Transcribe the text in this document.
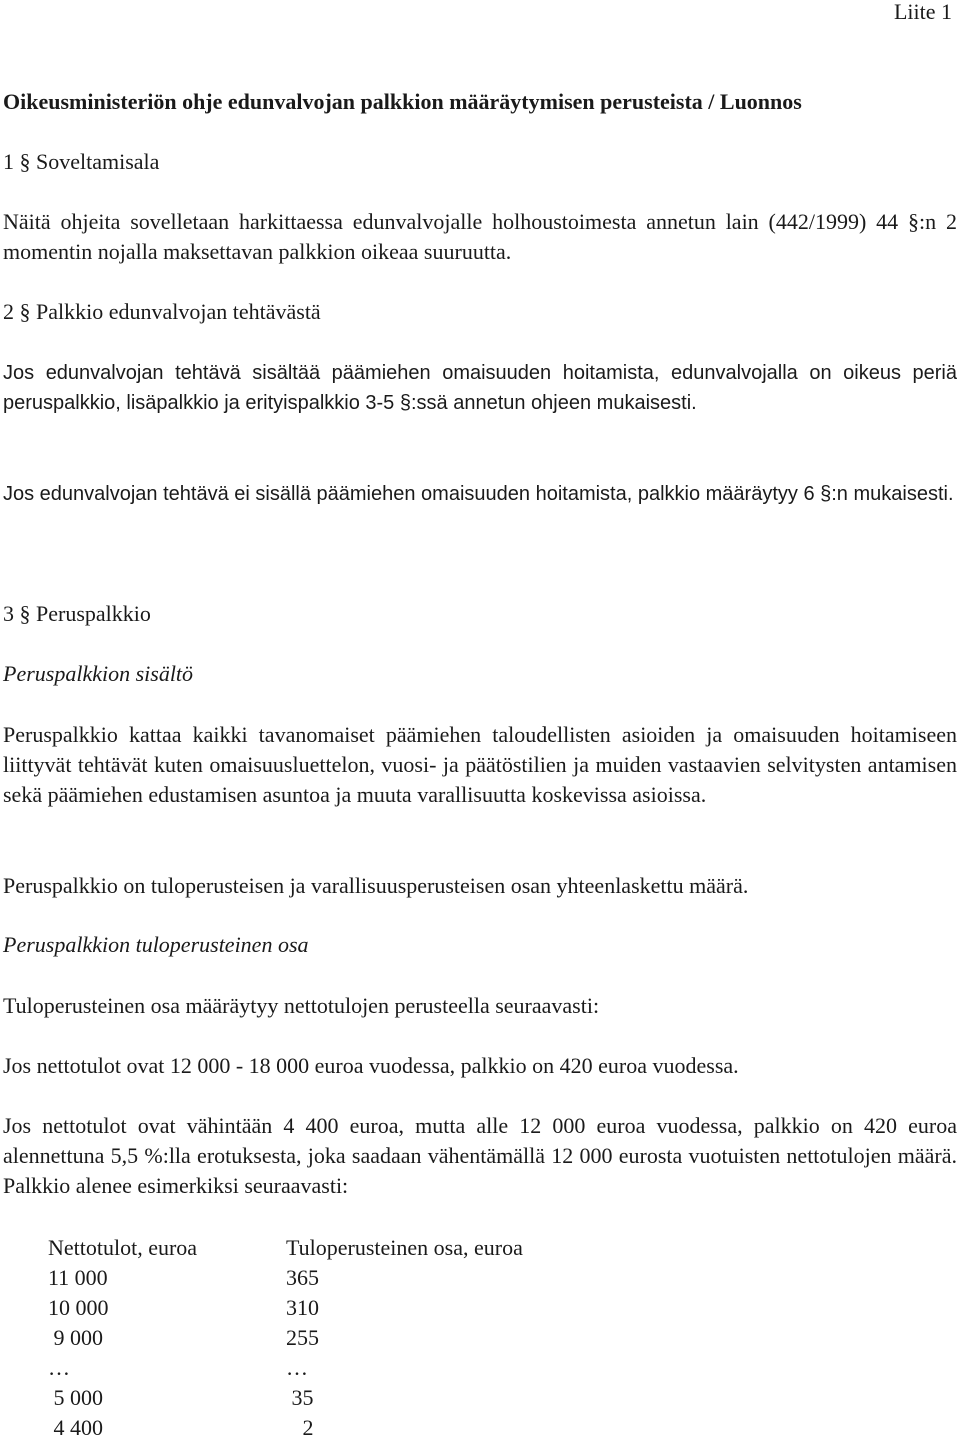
Liite 1
Oikeusministeriön ohje edunvalvojan palkkion määräytymisen perusteista / Luonnos
1 § Soveltamisala

Näitä ohjeita sovelletaan harkittaessa edunvalvojalle holhoustoimesta annetun lain (442/1999) 44 §:n 2 momentin nojalla maksettavan palkkion oikeaa suuruutta.

2 § Palkkio edunvalvojan tehtävästä

Jos edunvalvojan tehtävä sisältää päämiehen omaisuuden hoitamista, edunvalvojalla on oikeus periä peruspalkkio, lisäpalkkio ja erityispalkkio 3-5 §:ssä annetun ohjeen mukaisesti.

Jos edunvalvojan tehtävä ei sisällä päämiehen omaisuuden hoitamista, palkkio määräytyy 6 §:n mukaisesti.

3 § Peruspalkkio
Peruspalkkion sisältö

Peruspalkkio kattaa kaikki tavanomaiset päämiehen taloudellisten asioiden ja omaisuuden hoitamiseen liittyvät tehtävät kuten omaisuusluettelon, vuosi- ja päätöstilien ja muiden vastaavien selvitysten antamisen sekä päämiehen edustamisen asuntoa ja muuta varallisuutta koskevissa asioissa.

Peruspalkkio on tuloperusteisen ja varallisuusperusteisen osan yhteenlaskettu määrä.

Peruspalkkion tuloperusteinen osa

Tuloperusteinen osa määräytyy nettotulojen perusteella seuraavasti:

Jos nettotulot ovat 12 000 - 18 000 euroa vuodessa, palkkio on 420 euroa vuodessa.

Jos nettotulot ovat vähintään 4 400 euroa, mutta alle 12 000 euroa vuodessa, palkkio on 420 euroa alennettuna 5,5 %:lla erotuksesta, joka saadaan vähentämällä 12 000 eurosta vuotuisten nettotulojen määrä. Palkkio alenee esimerkiksi seuraavasti:

Nettotulot, euroa	Tuloperusteinen osa, euroa
11 000	365
10 000	310
9 000	255
…	…
5 000	35
4 400	2
